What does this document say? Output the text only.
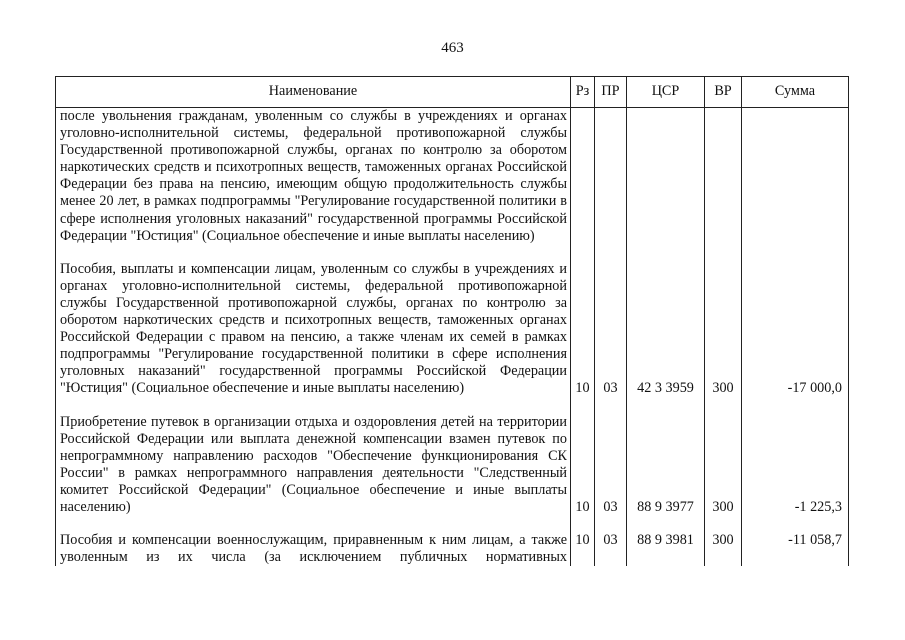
463
Наименование	Рз	ПР	ЦСР	ВР	Сумма
после увольнения гражданам, уволенным со службы в учреждениях и органах уголовно-исполнительной системы, федеральной противопожарной службы Государственной противопожарной службы, органах по контролю за оборотом наркотических средств и психотропных веществ, таможенных органах Российской Федерации без права на пенсию, имеющим общую продолжительность службы менее 20 лет, в рамках подпрограммы "Регулирование государственной политики в сфере исполнения уголовных наказаний" государственной программы Российской Федерации "Юстиция" (Социальное обеспечение и иные выплаты населению)					

Пособия, выплаты и компенсации лицам, уволенным со службы в учреждениях и органах уголовно-исполнительной системы, федеральной противопожарной службы Государственной противопожарной службы, органах по контролю за оборотом наркотических средств и психотропных веществ, таможенных органах Российской Федерации с правом на пенсию, а также членам их семей в рамках подпрограммы "Регулирование государственной политики в сфере исполнения уголовных наказаний" государственной программы Российской Федерации "Юстиция" (Социальное обеспечение и иные выплаты населению)	10	03	42 3 3959	300	-17 000,0

Приобретение путевок в организации отдыха и оздоровления детей на территории Российской Федерации или выплата денежной компенсации взамен путевок по непрограммному направлению расходов "Обеспечение функционирования СК России" в рамках непрограммного направления деятельности "Следственный комитет Российской Федерации" (Социальное обеспечение и иные выплаты населению)	10	03	88 9 3977	300	-1 225,3

Пособия и компенсации военнослужащим, приравненным к ним лицам, а также уволенным из их числа (за исключением публичных нормативных	10	03	88 9 3981	300	-11 058,7
